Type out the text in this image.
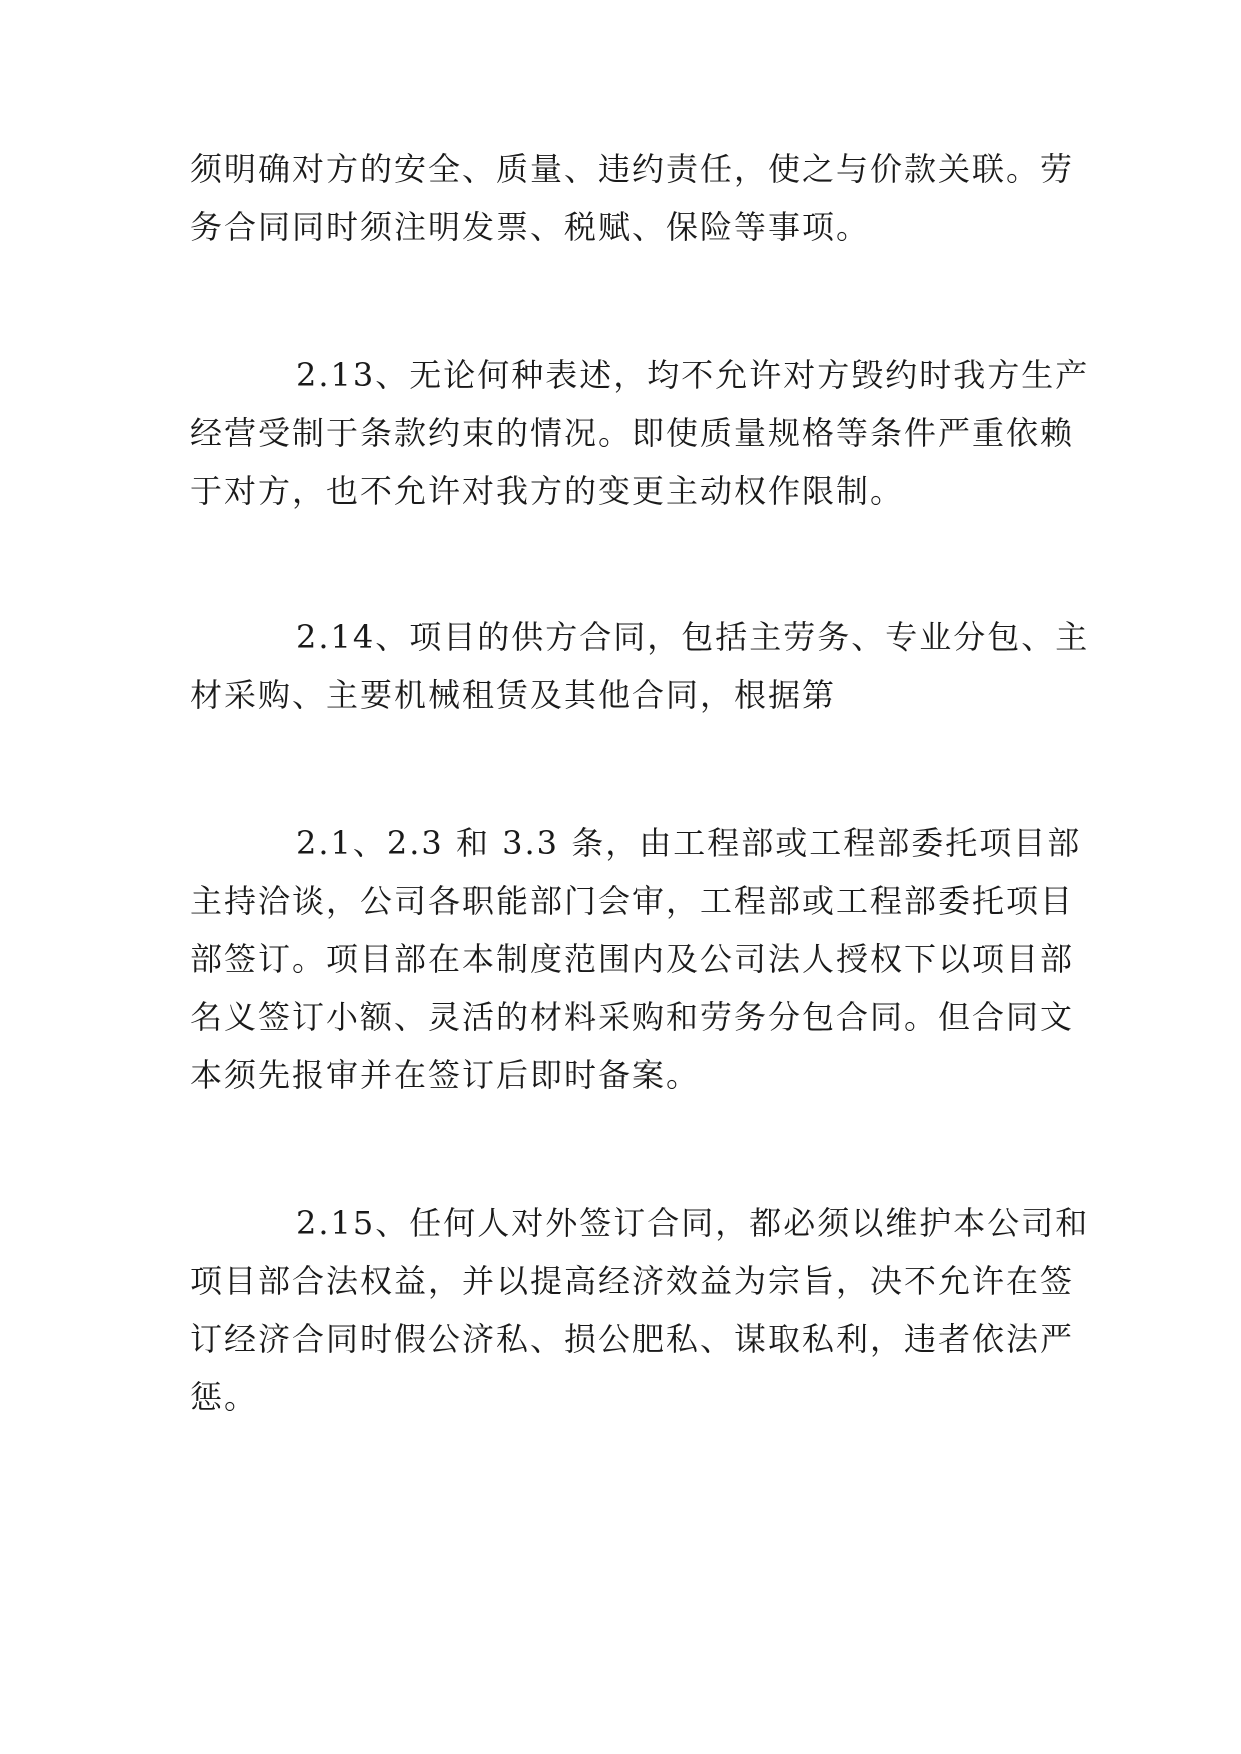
须明确对方的安全、质量、违约责任，使之与价款关联。劳
务合同同时须注明发票、税赋、保险等事项。
2.13、无论何种表述，均不允许对方毁约时我方生产
经营受制于条款约束的情况。即使质量规格等条件严重依赖
于对方，也不允许对我方的变更主动权作限制。
2.14、项目的供方合同，包括主劳务、专业分包、主
材采购、主要机械租赁及其他合同，根据第
2.1、2.3 和 3.3 条，由工程部或工程部委托项目部
主持洽谈，公司各职能部门会审，工程部或工程部委托项目
部签订。项目部在本制度范围内及公司法人授权下以项目部
名义签订小额、灵活的材料采购和劳务分包合同。但合同文
本须先报审并在签订后即时备案。
2.15、任何人对外签订合同，都必须以维护本公司和
项目部合法权益，并以提高经济效益为宗旨，决不允许在签
订经济合同时假公济私、损公肥私、谋取私利，违者依法严
惩。
